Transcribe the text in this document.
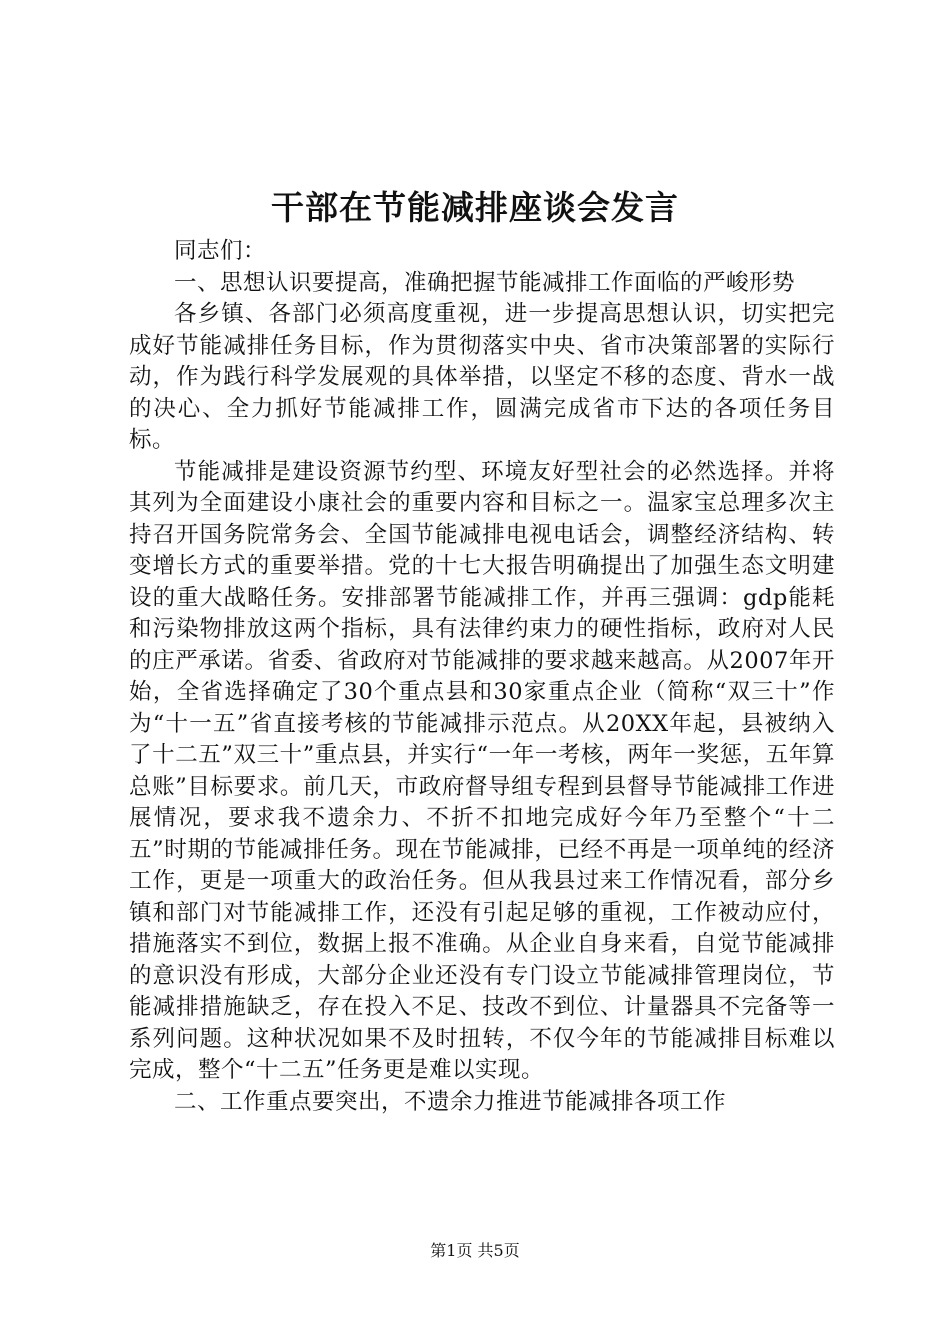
干部在节能减排座谈会发言

同志们：

一、思想认识要提高，准确把握节能减排工作面临的严峻形势

各乡镇、各部门必须高度重视，进一步提高思想认识，切实把完成好节能减排任务目标，作为贯彻落实中央、省市决策部署的实际行动，作为践行科学发展观的具体举措，以坚定不移的态度、背水一战的决心、全力抓好节能减排工作，圆满完成省市下达的各项任务目标。

节能减排是建设资源节约型、环境友好型社会的必然选择。并将其列为全面建设小康社会的重要内容和目标之一。温家宝总理多次主持召开国务院常务会、全国节能减排电视电话会，调整经济结构、转变增长方式的重要举措。党的十七大报告明确提出了加强生态文明建设的重大战略任务。安排部署节能减排工作，并再三强调：gdp能耗和污染物排放这两个指标，具有法律约束力的硬性指标，政府对人民的庄严承诺。省委、省政府对节能减排的要求越来越高。从2007年开始，全省选择确定了30个重点县和30家重点企业（简称“双三十”作为“十一五”省直接考核的节能减排示范点。从20XX年起，县被纳入了十二五”双三十”重点县，并实行“一年一考核，两年一奖惩，五年算总账”目标要求。前几天，市政府督导组专程到县督导节能减排工作进展情况，要求我不遗余力、不折不扣地完成好今年乃至整个“十二五”时期的节能减排任务。现在节能减排，已经不再是一项单纯的经济工作，更是一项重大的政治任务。但从我县过来工作情况看，部分乡镇和部门对节能减排工作，还没有引起足够的重视，工作被动应付，措施落实不到位，数据上报不准确。从企业自身来看，自觉节能减排的意识没有形成，大部分企业还没有专门设立节能减排管理岗位，节能减排措施缺乏，存在投入不足、技改不到位、计量器具不完备等一系列问题。这种状况如果不及时扭转，不仅今年的节能减排目标难以完成，整个“十二五”任务更是难以实现。

二、工作重点要突出，不遗余力推进节能减排各项工作

第1页 共5页
